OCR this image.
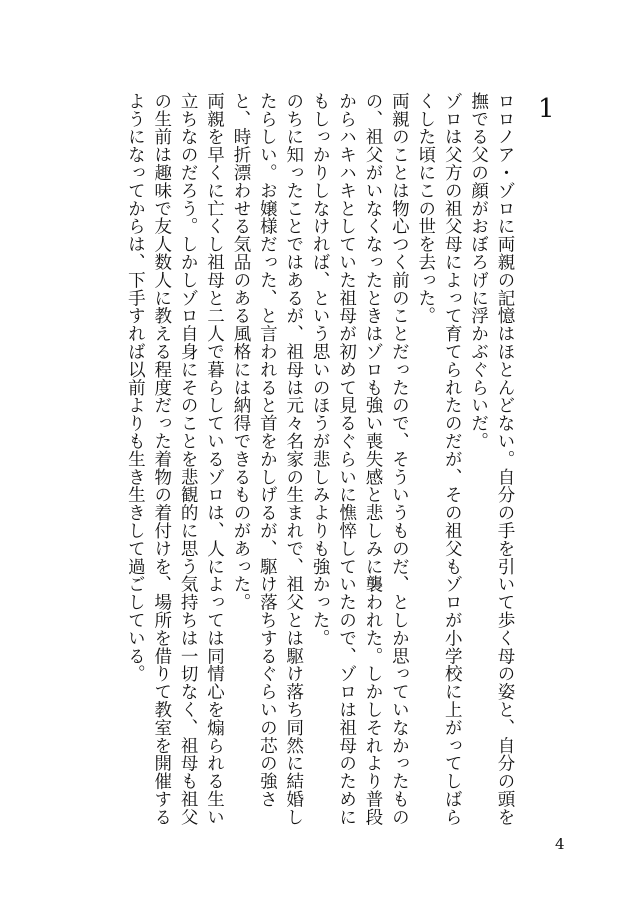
1

ロロノア・ゾロに両親の記憶はほとんどない。自分の手を引いて歩く母の姿と、自分の頭を撫でる父の顔がおぼろげに浮かぶぐらいだ。

ゾロは父方の祖父母によって育てられたのだが、その祖父もゾロが小学校に上がってしばらくした頃にこの世を去った。

両親のことは物心つく前のことだったので、そういうものだ、としか思っていなかったものの、祖父がいなくなったときはゾロも強い喪失感と悲しみに襲われた。しかしそれより普段からハキハキとしていた祖母が初めて見るぐらいに憔悴していたので、ゾロは祖母のためにもしっかりしなければ、という思いのほうが悲しみよりも強かった。

のちに知ったことではあるが、祖母は元々名家の生まれで、祖父とは駆け落ち同然に結婚したらしい。お嬢様だった、と言われると首をかしげるが、駆け落ちするぐらいの芯の強さと、時折漂わせる気品のある風格には納得できるものがあった。

両親を早くに亡くし祖母と二人で暮らしているゾロは、人によっては同情心を煽られる生い立ちなのだろう。しかしゾロ自身にそのことを悲観的に思う気持ちは一切なく、祖母も祖父の生前は趣味で友人数人に教える程度だった着物の着付けを、場所を借りて教室を開催するようになってからは、下手すれば以前よりも生き生きして過ごしている。

4
